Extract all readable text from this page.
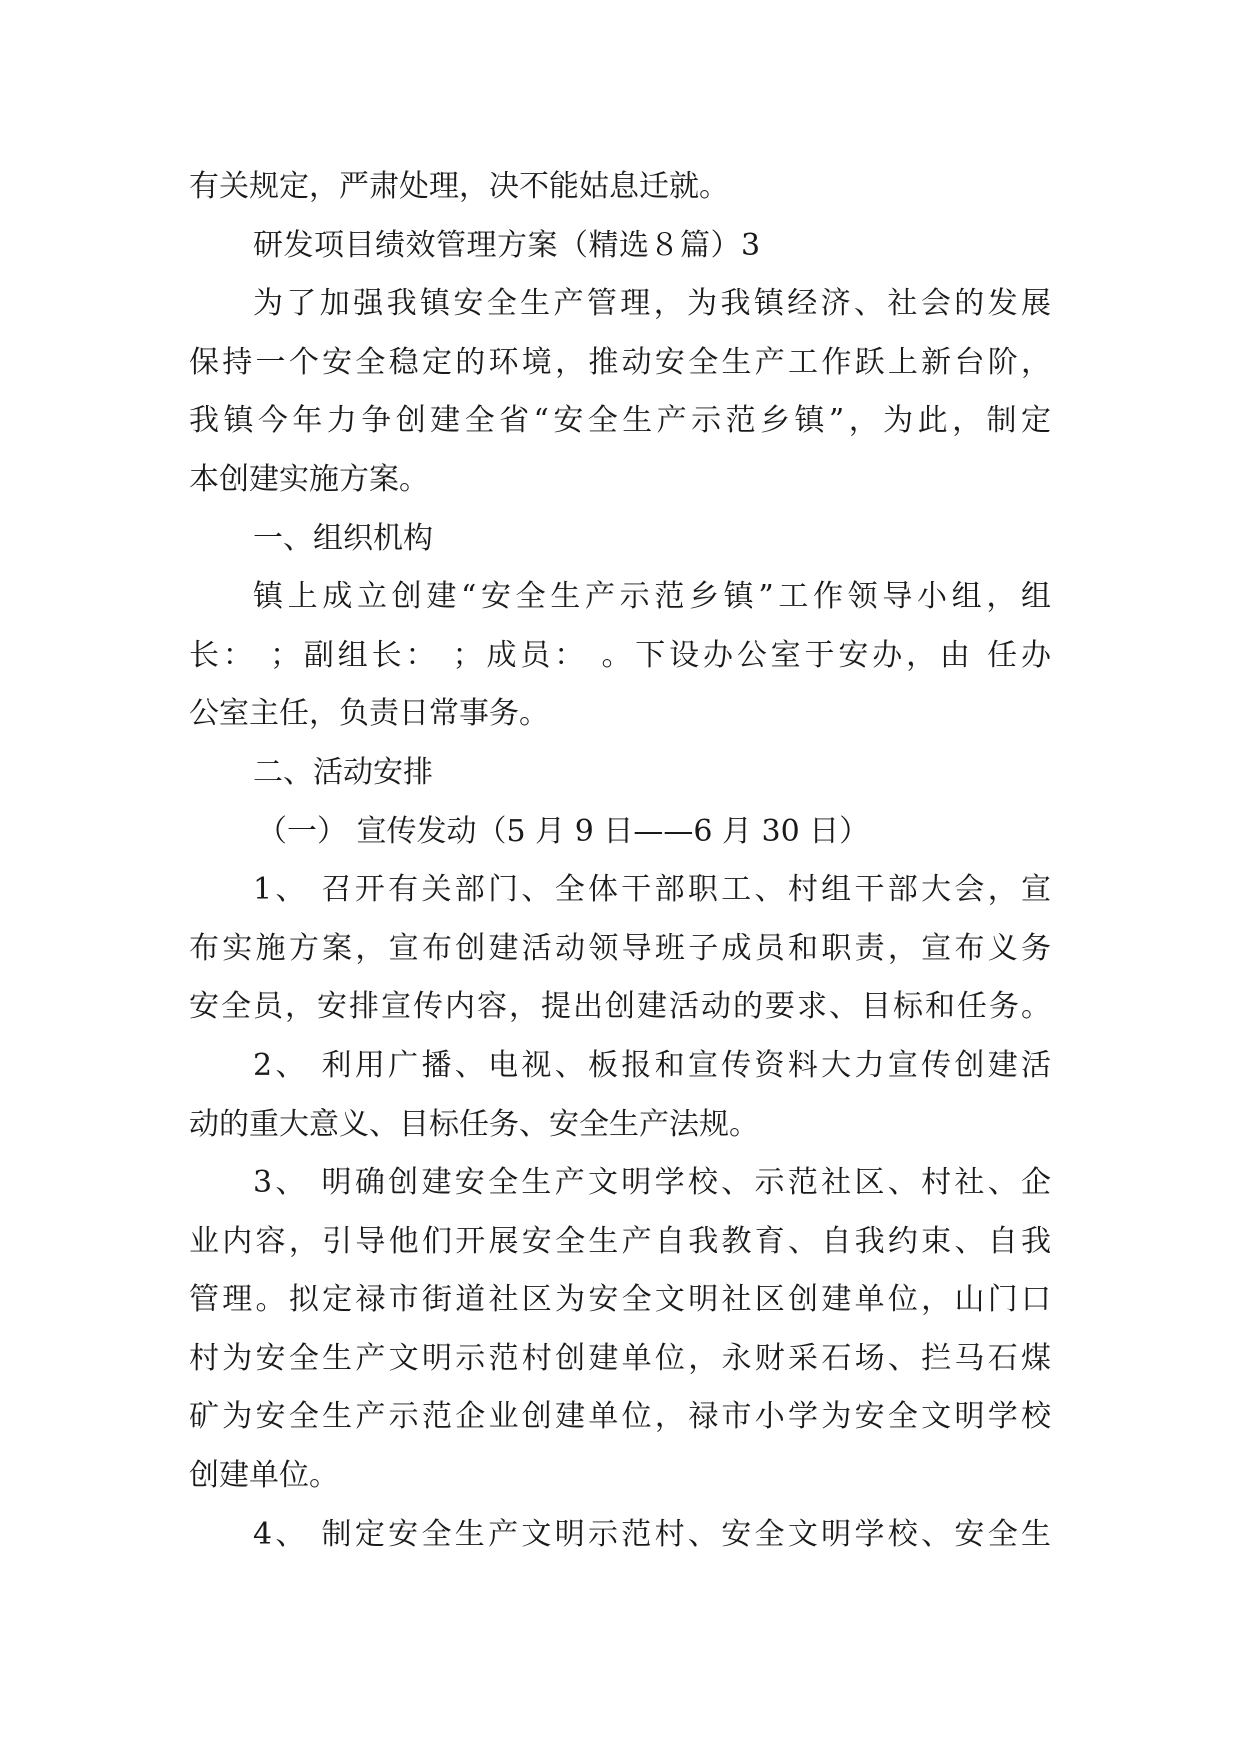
有关规定，严肃处理，决不能姑息迁就。
研发项目绩效管理方案（精选８篇）3
为了加强我镇安全生产管理，为我镇经济、社会的发展
保持一个安全稳定的环境，推动安全生产工作跃上新台阶，
我镇今年力争创建全省“安全生产示范乡镇”，为此，制定
本创建实施方案。
一、组织机构
镇上成立创建“安全生产示范乡镇”工作领导小组，组
长： ；副组长： ；成员： 。下设办公室于安办，由 任办
公室主任，负责日常事务。
二、活动安排
（一） 宣传发动（5 月 9 日——6 月 30 日）
1、 召开有关部门、全体干部职工、村组干部大会，宣
布实施方案，宣布创建活动领导班子成员和职责，宣布义务
安全员，安排宣传内容，提出创建活动的要求、目标和任务。
2、 利用广播、电视、板报和宣传资料大力宣传创建活
动的重大意义、目标任务、安全生产法规。
3、 明确创建安全生产文明学校、示范社区、村社、企
业内容，引导他们开展安全生产自我教育、自我约束、自我
管理。拟定禄市街道社区为安全文明社区创建单位，山门口
村为安全生产文明示范村创建单位，永财采石场、拦马石煤
矿为安全生产示范企业创建单位，禄市小学为安全文明学校
创建单位。
4、 制定安全生产文明示范村、安全文明学校、安全生
